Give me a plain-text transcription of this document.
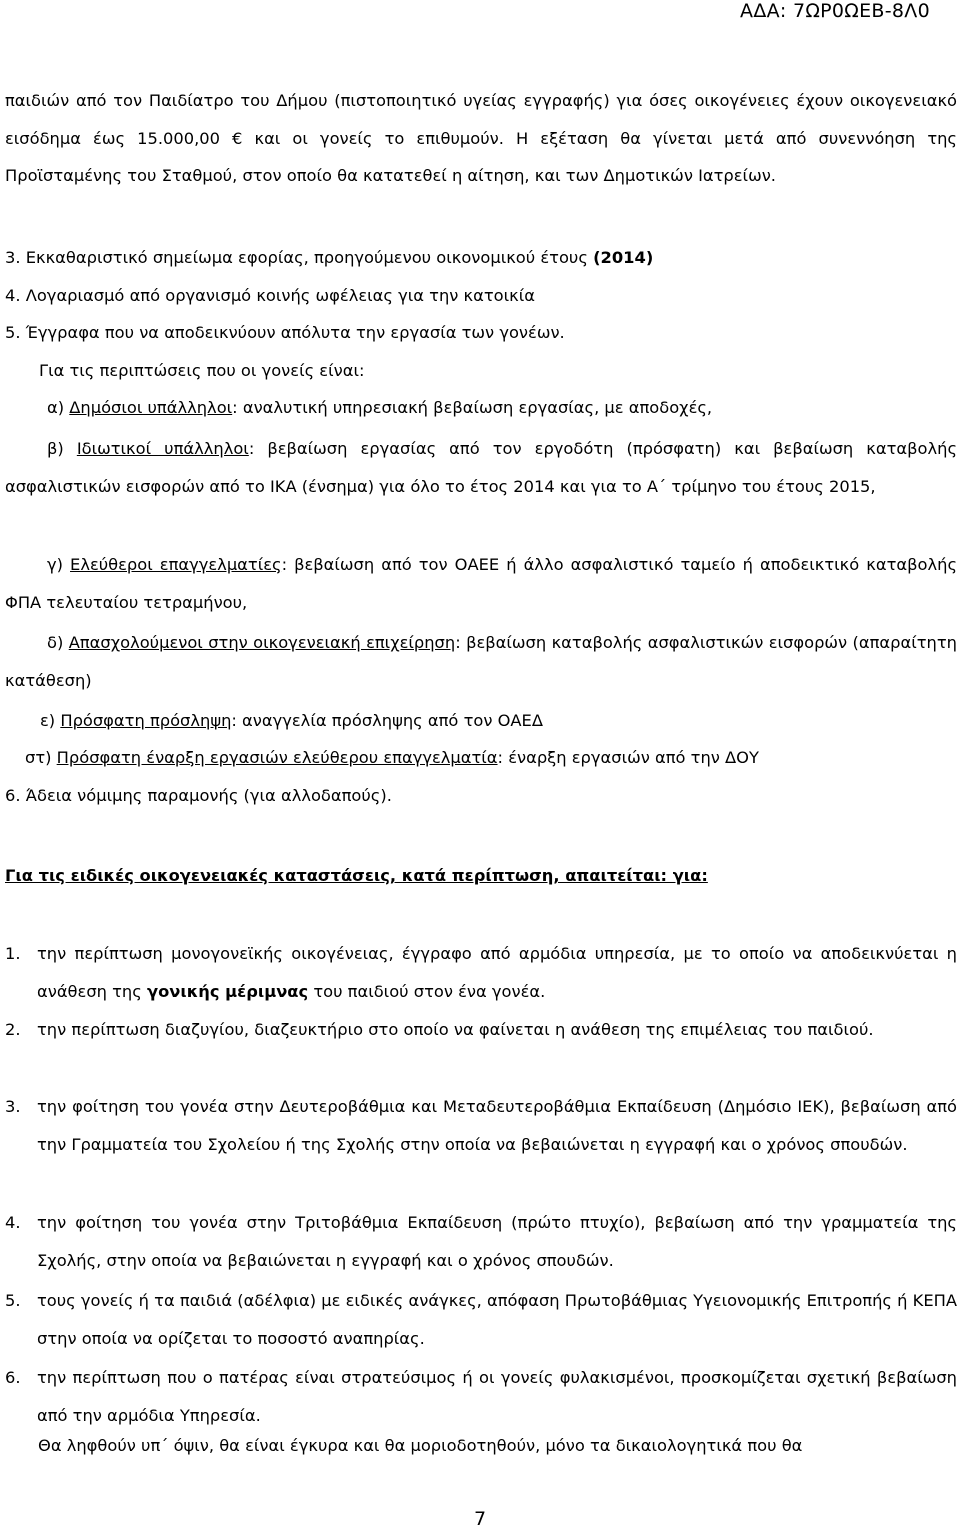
ΑΔΑ: 7ΩΡ0ΩΕΒ-8Λ0
παιδιών από τον Παιδίατρο του Δήμου (πιστοποιητικό υγείας εγγραφής) για όσες οικογένειες έχουν οικογενειακό εισόδημα έως 15.000,00 € και οι γονείς το επιθυμούν. Η εξέταση θα γίνεται μετά από συνεννόηση της Προϊσταμένης του Σταθμού, στον οποίο θα κατατεθεί η αίτηση, και των Δημοτικών Ιατρείων.
3. Εκκαθαριστικό σημείωμα εφορίας, προηγούμενου οικονομικού έτους (2014)
4. Λογαριασμό από οργανισμό κοινής ωφέλειας για την κατοικία
5. Έγγραφα που να αποδεικνύουν απόλυτα την εργασία των γονέων.
Για τις περιπτώσεις που οι γονείς είναι:
α) Δημόσιοι υπάλληλοι: αναλυτική υπηρεσιακή βεβαίωση εργασίας, με αποδοχές,
β) Ιδιωτικοί υπάλληλοι: βεβαίωση εργασίας από τον εργοδότη (πρόσφατη) και βεβαίωση καταβολής ασφαλιστικών εισφορών από το ΙΚΑ (ένσημα) για όλο το έτος 2014 και για το Α΄ τρίμηνο του έτους 2015,
γ) Ελεύθεροι επαγγελματίες: βεβαίωση από τον ΟΑΕΕ ή άλλο ασφαλιστικό ταμείο ή αποδεικτικό καταβολής ΦΠΑ τελευταίου τετραμήνου,
δ) Απασχολούμενοι στην οικογενειακή επιχείρηση: βεβαίωση καταβολής ασφαλιστικών εισφορών (απαραίτητη κατάθεση)
ε) Πρόσφατη πρόσληψη: αναγγελία πρόσληψης από τον ΟΑΕΔ
στ) Πρόσφατη έναρξη εργασιών ελεύθερου επαγγελματία: έναρξη εργασιών από την ΔΟΥ
6. Άδεια νόμιμης παραμονής (για αλλοδαπούς).
Για τις ειδικές οικογενειακές καταστάσεις, κατά περίπτωση, απαιτείται: για:
1. την περίπτωση μονογονεϊκής οικογένειας, έγγραφο από αρμόδια υπηρεσία, με το οποίο να αποδεικνύεται η ανάθεση της γονικής μέριμνας του παιδιού στον ένα γονέα.
2. την περίπτωση διαζυγίου, διαζευκτήριο στο οποίο να φαίνεται η ανάθεση της επιμέλειας του παιδιού.
3. την φοίτηση του γονέα στην Δευτεροβάθμια και Μεταδευτεροβάθμια Εκπαίδευση (Δημόσιο ΙΕΚ), βεβαίωση από την Γραμματεία του Σχολείου ή της Σχολής στην οποία να βεβαιώνεται η εγγραφή και ο χρόνος σπουδών.
4. την φοίτηση του γονέα στην Τριτοβάθμια Εκπαίδευση (πρώτο πτυχίο), βεβαίωση από την γραμματεία της Σχολής, στην οποία να βεβαιώνεται η εγγραφή και ο χρόνος σπουδών.
5. τους γονείς ή τα παιδιά (αδέλφια) με ειδικές ανάγκες, απόφαση Πρωτοβάθμιας Υγειονομικής Επιτροπής ή ΚΕΠΑ στην οποία να ορίζεται το ποσοστό αναπηρίας.
6. την περίπτωση που ο πατέρας είναι στρατεύσιμος ή οι γονείς φυλακισμένοι, προσκομίζεται σχετική βεβαίωση από την αρμόδια Υπηρεσία.
Θα ληφθούν υπ΄ όψιν, θα είναι έγκυρα και θα μοριοδοτηθούν, μόνο τα δικαιολογητικά που θα
7
